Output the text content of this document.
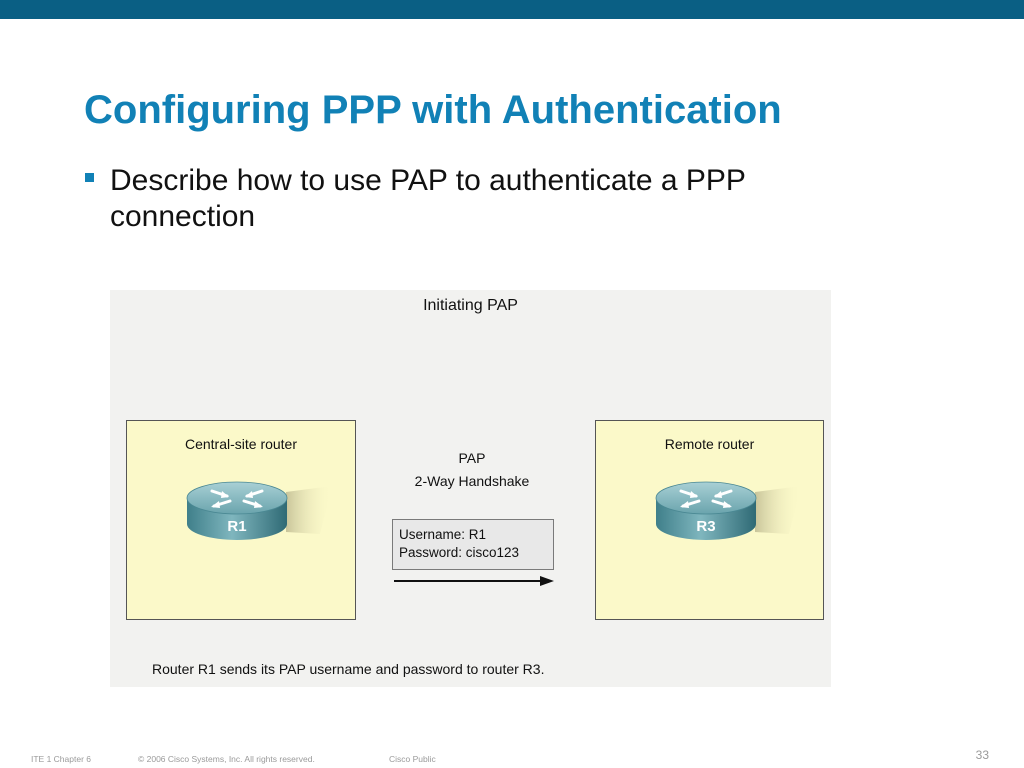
Configuring PPP with Authentication
Describe how to use PAP to authenticate a PPP connection
Initiating PAP
Central-site router
R1
PAP
2-Way Handshake
Username: R1
Password: cisco123
Remote router
R3
Router R1 sends its PAP username and password to router R3.
ITE 1 Chapter 6	© 2006 Cisco Systems, Inc. All rights reserved.	Cisco Public	33
